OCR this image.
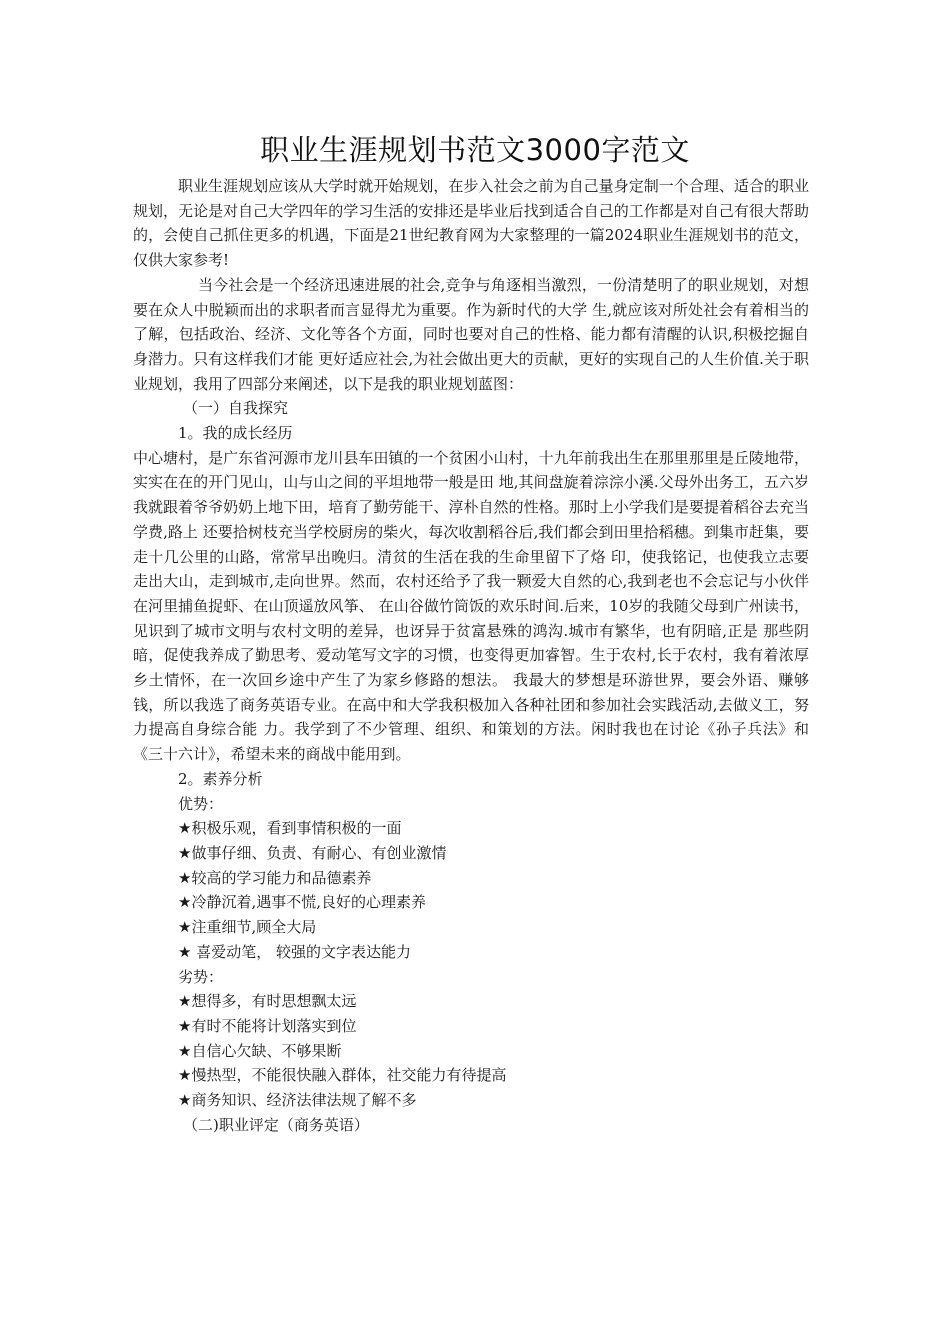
职业生涯规划书范文3000字范文

职业生涯规划应该从大学时就开始规划，在步入社会之前为自己量身定制一个合理、适合的职业规划，无论是对自己大学四年的学习生活的安排还是毕业后找到适合自己的工作都是对自己有很大帮助的，会使自己抓住更多的机遇，下面是21世纪教育网为大家整理的一篇2024职业生涯规划书的范文，仅供大家参考!

当今社会是一个经济迅速进展的社会,竞争与角逐相当激烈，一份清楚明了的职业规划，对想要在众人中脱颖而出的求职者而言显得尤为重要。作为新时代的大学 生,就应该对所处社会有着相当的了解，包括政治、经济、文化等各个方面，同时也要对自己的性格、能力都有清醒的认识,积极挖掘自身潜力。只有这样我们才能 更好适应社会,为社会做出更大的贡献，更好的实现自己的人生价值.关于职业规划，我用了四部分来阐述，以下是我的职业规划蓝图：

（一）自我探究

1。我的成长经历

中心塘村，是广东省河源市龙川县车田镇的一个贫困小山村，十九年前我出生在那里那里是丘陵地带，实实在在的开门见山，山与山之间的平坦地带一般是田 地,其间盘旋着淙淙小溪.父母外出务工，五六岁我就跟着爷爷奶奶上地下田，培育了勤劳能干、淳朴自然的性格。那时上小学我们是要提着稻谷去充当学费,路上 还要拾树枝充当学校厨房的柴火，每次收割稻谷后,我们都会到田里拾稻穗。到集市赶集，要走十几公里的山路，常常早出晚归。清贫的生活在我的生命里留下了烙 印，使我铭记，也使我立志要走出大山，走到城市,走向世界。然而，农村还给予了我一颗爱大自然的心,我到老也不会忘记与小伙伴在河里捕鱼捉虾、在山顶遥放风筝、 在山谷做竹筒饭的欢乐时间.后来，10岁的我随父母到广州读书，见识到了城市文明与农村文明的差异，也讶异于贫富悬殊的鸿沟.城市有繁华，也有阴暗,正是 那些阴暗，促使我养成了勤思考、爱动笔写文字的习惯，也变得更加睿智。生于农村,长于农村，我有着浓厚乡土情怀，在一次回乡途中产生了为家乡修路的想法。 我最大的梦想是环游世界，要会外语、赚够钱，所以我选了商务英语专业。在高中和大学我积极加入各种社团和参加社会实践活动,去做义工，努力提高自身综合能 力。我学到了不少管理、组织、和策划的方法。闲时我也在讨论《孙子兵法》和《三十六计》，希望未来的商战中能用到。

2。素养分析

优势：

★积极乐观，看到事情积极的一面
★做事仔细、负责、有耐心、有创业激情
★较高的学习能力和品德素养
★冷静沉着,遇事不慌,良好的心理素养
★注重细节,顾全大局
★ 喜爱动笔， 较强的文字表达能力

劣势：

★想得多，有时思想飘太远
★有时不能将计划落实到位
★自信心欠缺、不够果断
★慢热型，不能很快融入群体，社交能力有待提高
★商务知识、经济法律法规了解不多

（二)职业评定（商务英语）
